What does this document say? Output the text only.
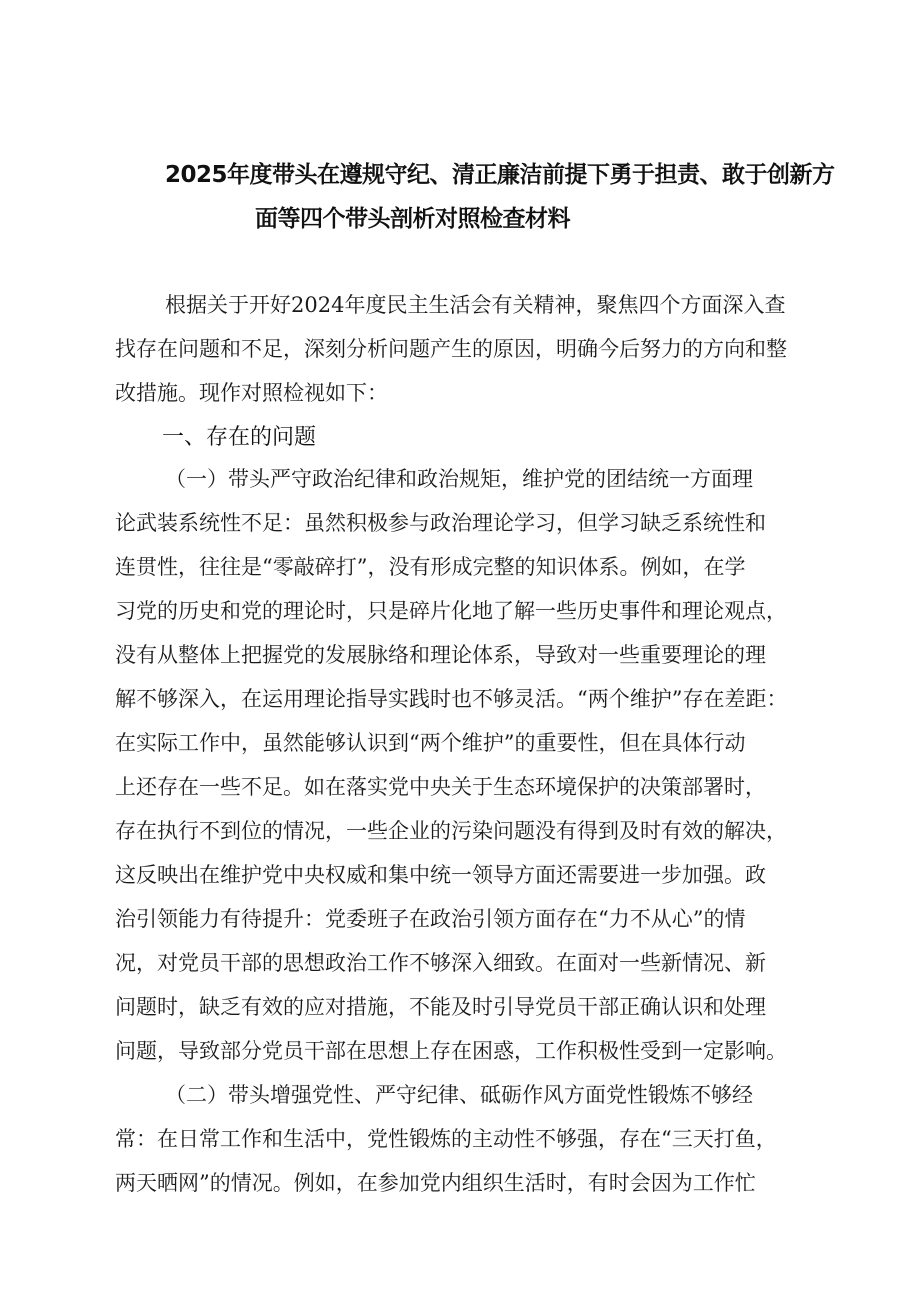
2025年度带头在遵规守纪、清正廉洁前提下勇于担责、敢于创新方
面等四个带头剖析对照检查材料
根据关于开好2024年度民主生活会有关精神，聚焦四个方面深入查
找存在问题和不足，深刻分析问题产生的原因，明确今后努力的方向和整
改措施。现作对照检视如下：
一、存在的问题
（一）带头严守政治纪律和政治规矩，维护党的团结统一方面理
论武装系统性不足：虽然积极参与政治理论学习，但学习缺乏系统性和
连贯性，往往是“零敲碎打”，没有形成完整的知识体系。例如，在学
习党的历史和党的理论时，只是碎片化地了解一些历史事件和理论观点，
没有从整体上把握党的发展脉络和理论体系，导致对一些重要理论的理
解不够深入，在运用理论指导实践时也不够灵活。“两个维护”存在差距：
在实际工作中，虽然能够认识到“两个维护”的重要性，但在具体行动
上还存在一些不足。如在落实党中央关于生态环境保护的决策部署时，
存在执行不到位的情况，一些企业的污染问题没有得到及时有效的解决，
这反映出在维护党中央权威和集中统一领导方面还需要进一步加强。政
治引领能力有待提升：党委班子在政治引领方面存在“力不从心”的情
况，对党员干部的思想政治工作不够深入细致。在面对一些新情况、新
问题时，缺乏有效的应对措施，不能及时引导党员干部正确认识和处理
问题，导致部分党员干部在思想上存在困惑，工作积极性受到一定影响。
（二）带头增强党性、严守纪律、砥砺作风方面党性锻炼不够经
常：在日常工作和生活中，党性锻炼的主动性不够强，存在“三天打鱼，
两天晒网”的情况。例如，在参加党内组织生活时，有时会因为工作忙
